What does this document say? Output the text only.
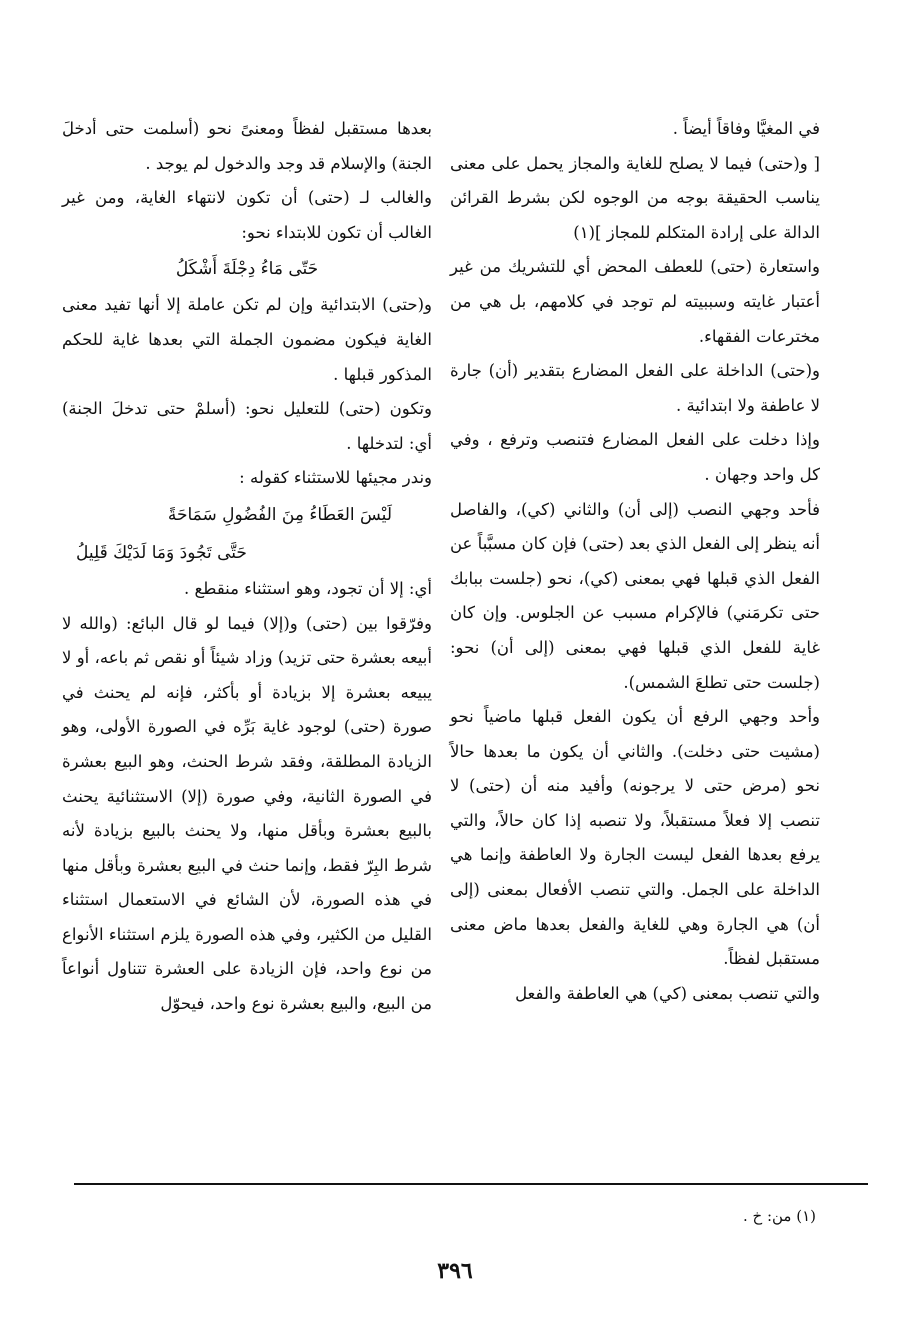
في المغيَّا وفاقاً أيضاً .

[ و(حتى) فيما لا يصلح للغاية والمجاز يحمل على معنى يناسب الحقيقة بوجه من الوجوه لكن بشرط القرائن الدالة على إرادة المتكلم للمجاز ](١)

واستعارة (حتى) للعطف المحض أي للتشريك من غير أعتبار غايته وسببيته لم توجد في كلامهم، بل هي من مخترعات الفقهاء.

و(حتى) الداخلة على الفعل المضارع بتقدير (أن) جارة لا عاطفة ولا ابتدائية .

وإذا دخلت على الفعل المضارع فتنصب وترفع ، وفي كل واحد وجهان .

فأحد وجهي النصب (إلى أن) والثاني (كي)، والفاصل أنه ينظر إلى الفعل الذي بعد (حتى) فإن كان مسبَّباً عن الفعل الذي قبلها فهي بمعنى (كي)، نحو (جلست ببابك حتى تكرمَني) فالإكرام مسبب عن الجلوس. وإن كان غاية للفعل الذي قبلها فهي بمعنى (إلى أن) نحو: (جلست حتى تطلعَ الشمس).

وأحد وجهي الرفع أن يكون الفعل قبلها ماضياً نحو (مشيت حتى دخلت). والثاني أن يكون ما بعدها حالاً نحو (مرض حتى لا يرجونه) وأفيد منه أن (حتى) لا تنصب إلا فعلاً مستقبلاً، ولا تنصبه إذا كان حالاً، والتي يرفع بعدها الفعل ليست الجارة ولا العاطفة وإنما هي الداخلة على الجمل. والتي تنصب الأفعال بمعنى (إلى أن) هي الجارة وهي للغاية والفعل بعدها ماض معنى مستقبل لفظاً.

والتي تنصب بمعنى (كي) هي العاطفة والفعل

بعدها مستقبل لفظاً ومعنىً نحو (أسلمت حتى أدخلَ الجنة) والإسلام قد وجد والدخول لم يوجد .

والغالب لـ (حتى) أن تكون لانتهاء الغاية، ومن غير الغالب أن تكون للابتداء نحو:

حَتّى مَاءُ دِجْلَةَ أَشْكَلُ

و(حتى) الابتدائية وإن لم تكن عاملة إلا أنها تفيد معنى الغاية فيكون مضمون الجملة التي بعدها غاية للحكم المذكور قبلها .

وتكون (حتى) للتعليل نحو: (أسلمْ حتى تدخلَ الجنة) أي: لتدخلها .

وندر مجيئها للاستثناء كقوله :

لَيْسَ العَطَاءُ مِنَ الفُضُولِ سَمَاحَةً

حَتَّى تَجُودَ وَمَا لَدَيْكَ قَلِيلُ

أي: إلا أن تجود، وهو استثناء منقطع .

وفرّقوا بين (حتى) و(إلا) فيما لو قال البائع: (والله لا أبيعه بعشرة حتى تزيد) وزاد شيئاً أو نقص ثم باعه، أو لا يبيعه بعشرة إلا بزيادة أو بأكثر، فإنه لم يحنث في صورة (حتى) لوجود غاية بَرِّه في الصورة الأولى، وهو الزيادة المطلقة، وفقد شرط الحنث، وهو البيع بعشرة في الصورة الثانية، وفي صورة (إلا) الاستثنائية يحنث بالبيع بعشرة وبأقل منها، ولا يحنث بالبيع بزيادة لأنه شرط البِرّ فقط، وإنما حنث في البيع بعشرة وبأقل منها في هذه الصورة، لأن الشائع في الاستعمال استثناء القليل من الكثير، وفي هذه الصورة يلزم استثناء الأنواع من نوع واحد، فإن الزيادة على العشرة تتناول أنواعاً من البيع، والبيع بعشرة نوع واحد، فيحوّل

(١) من: خ .
٣٩٦
